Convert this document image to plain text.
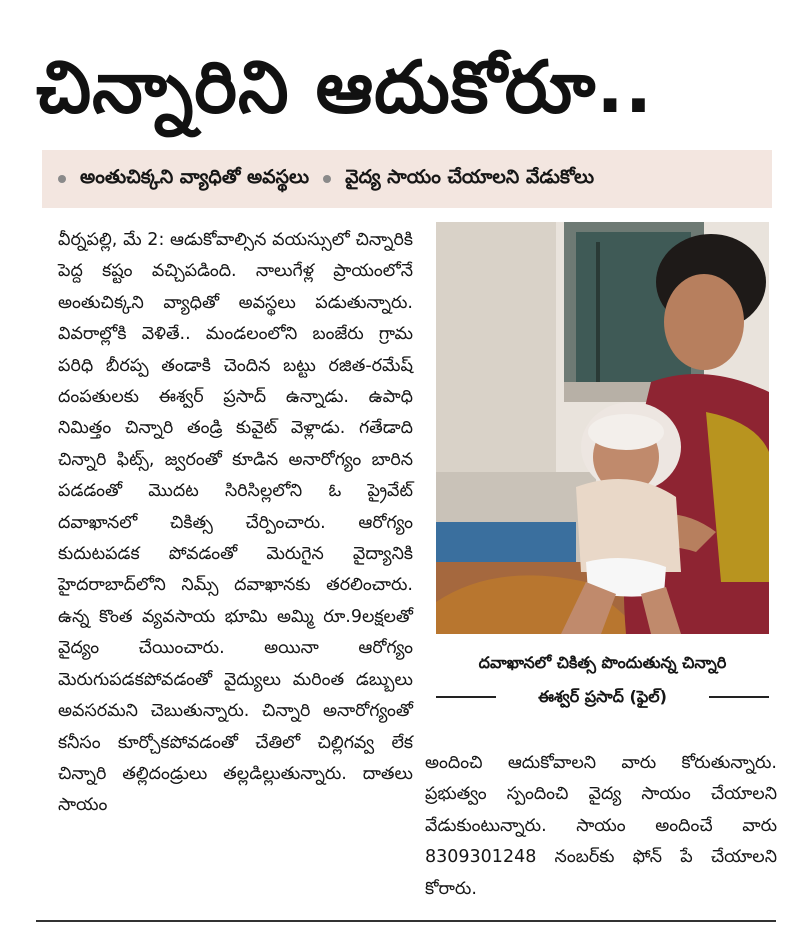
చిన్నారిని ఆదుకోరూ..
అంతుచిక్కని వ్యాధితో అవస్థలు వైద్య సాయం చేయాలని వేడుకోలు

వీర్నపల్లి, మే 2: ఆడుకోవాల్సిన వయస్సులో చిన్నారికి పెద్ద కష్టం వచ్చిపడింది. నాలుగేళ్ల ప్రాయంలోనే అంతుచిక్కని వ్యాధితో అవస్థలు పడుతున్నారు. వివరాల్లోకి వెళితే.. మండలంలోని బంజేరు గ్రామ పరిధి బీరప్ప తండాకి చెందిన బట్టు రజిత-రమేష్ దంపతులకు ఈశ్వర్ ప్రసాద్ ఉన్నాడు. ఉపాధి నిమిత్తం చిన్నారి తండ్రి కువైట్ వెళ్లాడు. గతేడాది చిన్నారి ఫిట్స్, జ్వరంతో కూడిన అనారోగ్యం బారిన పడడంతో మొదట సిరిసిల్లలోని ఓ ప్రైవేట్ దవాఖానలో చికిత్స చేర్పించారు. ఆరోగ్యం కుదుటపడక పోవడంతో మెరుగైన వైద్యానికి హైదరాబాద్‌లోని నిమ్స్ దవాఖానకు తరలించారు. ఉన్న కొంత వ్యవసాయ భూమి అమ్మి రూ.9లక్షలతో వైద్యం చేయించారు. అయినా ఆరోగ్యం మెరుగుపడకపోవడంతో వైద్యులు మరింత డబ్బులు అవసరమని చెబుతున్నారు. చిన్నారి అనారోగ్యంతో కనీసం కూర్చోకపోవడంతో చేతిలో చిల్లిగవ్వ లేక చిన్నారి తల్లిదండ్రులు తల్లడిల్లుతున్నారు. దాతలు సాయం

దవాఖానలో చికిత్స పొందుతున్న చిన్నారి
ఈశ్వర్ ప్రసాద్ (ఫైల్)

అందించి ఆదుకోవాలని వారు కోరుతున్నారు. ప్రభుత్వం స్పందించి వైద్య సాయం చేయాలని వేడుకుంటున్నారు. సాయం అందించే వారు 8309301248 నంబర్‌కు ఫోన్ పే చేయాలని కోరారు.
